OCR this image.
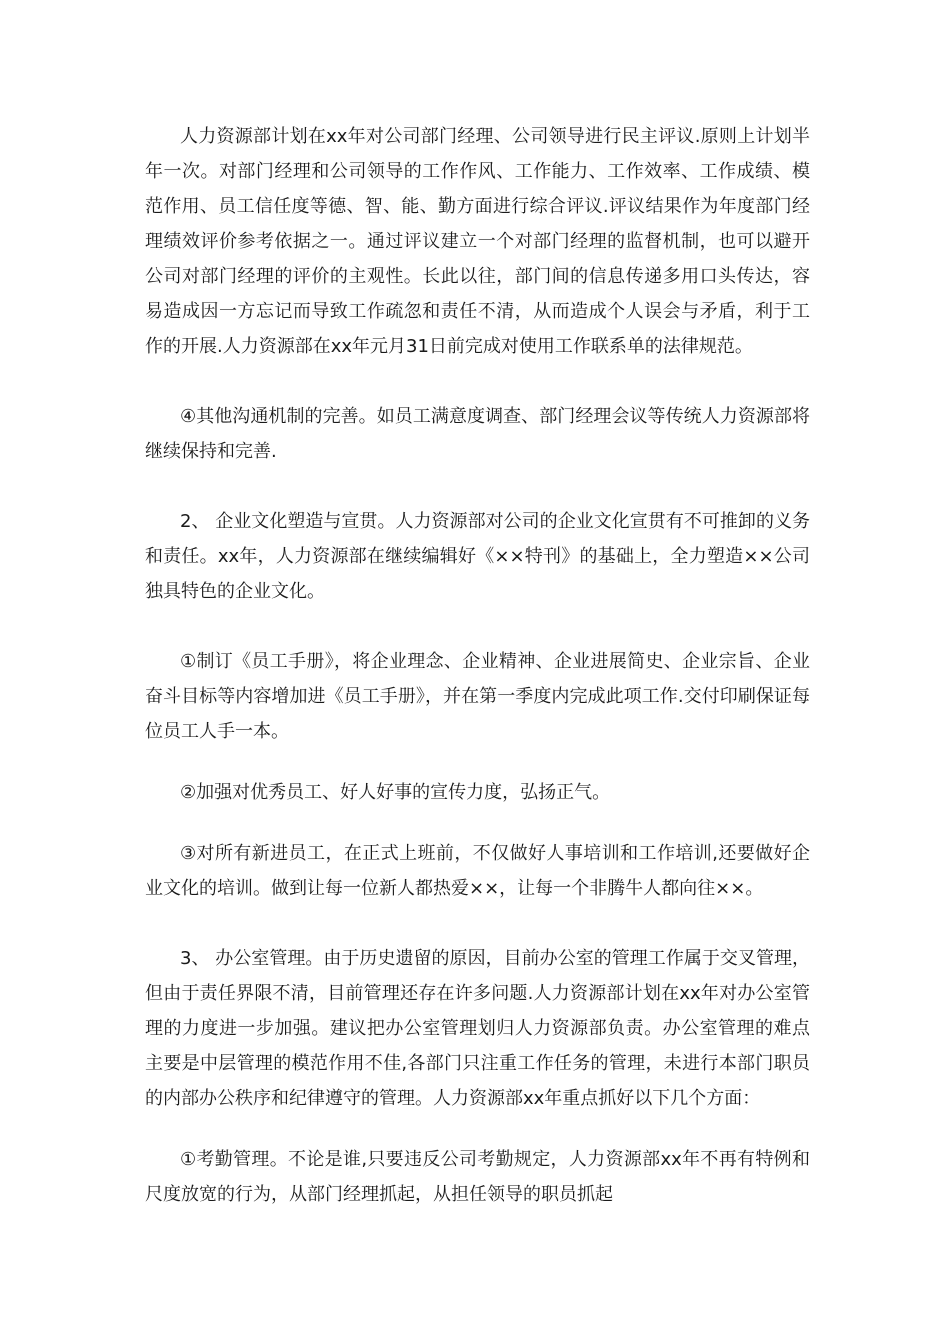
人力资源部计划在xx年对公司部门经理、公司领导进行民主评议.原则上计划半年一次。对部门经理和公司领导的工作作风、工作能力、工作效率、工作成绩、模范作用、员工信任度等德、智、能、勤方面进行综合评议.评议结果作为年度部门经理绩效评价参考依据之一。通过评议建立一个对部门经理的监督机制，也可以避开公司对部门经理的评价的主观性。长此以往，部门间的信息传递多用口头传达，容易造成因一方忘记而导致工作疏忽和责任不清，从而造成个人误会与矛盾，利于工作的开展.人力资源部在xx年元月31日前完成对使用工作联系单的法律规范。

④其他沟通机制的完善。如员工满意度调查、部门经理会议等传统人力资源部将继续保持和完善.

2、 企业文化塑造与宣贯。人力资源部对公司的企业文化宣贯有不可推卸的义务和责任。xx年，人力资源部在继续编辑好《××特刊》的基础上，全力塑造××公司独具特色的企业文化。

①制订《员工手册》，将企业理念、企业精神、企业进展简史、企业宗旨、企业奋斗目标等内容增加进《员工手册》，并在第一季度内完成此项工作.交付印刷保证每位员工人手一本。

②加强对优秀员工、好人好事的宣传力度，弘扬正气。

③对所有新进员工，在正式上班前，不仅做好人事培训和工作培训,还要做好企业文化的培训。做到让每一位新人都热爱××，让每一个非腾牛人都向往××。

3、 办公室管理。由于历史遗留的原因，目前办公室的管理工作属于交叉管理，但由于责任界限不清，目前管理还存在许多问题.人力资源部计划在xx年对办公室管理的力度进一步加强。建议把办公室管理划归人力资源部负责。办公室管理的难点主要是中层管理的模范作用不佳,各部门只注重工作任务的管理，未进行本部门职员的内部办公秩序和纪律遵守的管理。人力资源部xx年重点抓好以下几个方面：

①考勤管理。不论是谁,只要违反公司考勤规定，人力资源部xx年不再有特例和尺度放宽的行为，从部门经理抓起，从担任领导的职员抓起
